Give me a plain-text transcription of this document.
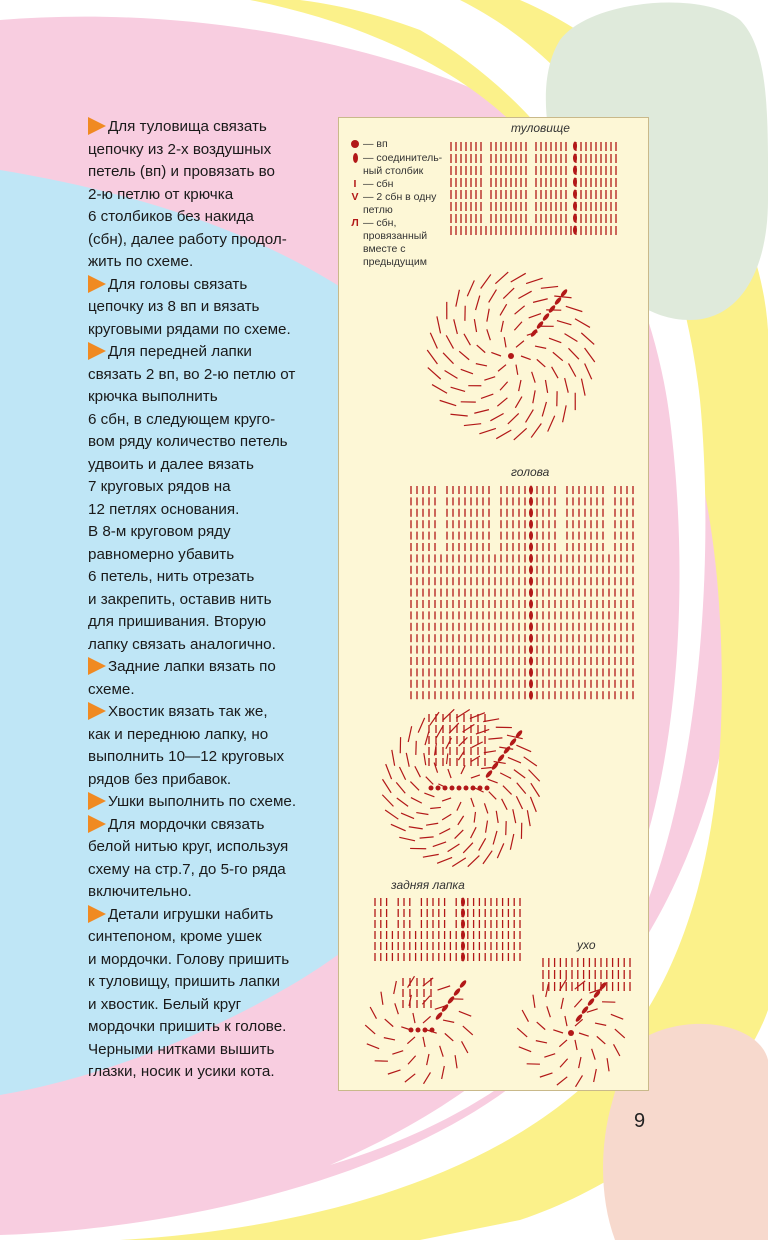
Для туловища связать
цепочку из 2-х воздушных
петель (вп) и провязать во
2-ю петлю от крючка
6 столбиков без накида
(сбн), далее работу продол-
жить по схеме.
Для головы связать
цепочку из 8 вп и вязать
круговыми рядами по схеме.
Для передней лапки
связать 2 вп, во 2-ю петлю от
крючка выполнить
6 сбн, в следующем круго-
вом ряду количество петель
удвоить и далее вязать
7 круговых рядов на
12 петлях основания.
В 8-м круговом ряду
равномерно убавить
6 петель, нить отрезать
и закрепить, оставив нить
для пришивания. Вторую
лапку связать аналогично.
Задние лапки вязать по
схеме.
Хвостик вязать так же,
как и переднюю лапку, но
выполнить 10—12 круговых
рядов без прибавок.
Ушки выполнить по схеме.
Для мордочки связать
белой нитью круг, используя
схему на стр.7, до 5-го ряда
включительно.
Детали игрушки набить
синтепоном, кроме ушек
и мордочки. Голову пришить
к туловищу, пришить лапки
и хвостик. Белый круг
мордочки пришить к голове.
Черными нитками вышить
глазки, носик и усики кота.
туловище
голова
задняя лапка
ухо
— вп
— соединитель-ный столбик
I — сбн
V — 2 сбн в одну петлю
Л — сбн, провязанный вместе с предыдущим
9
